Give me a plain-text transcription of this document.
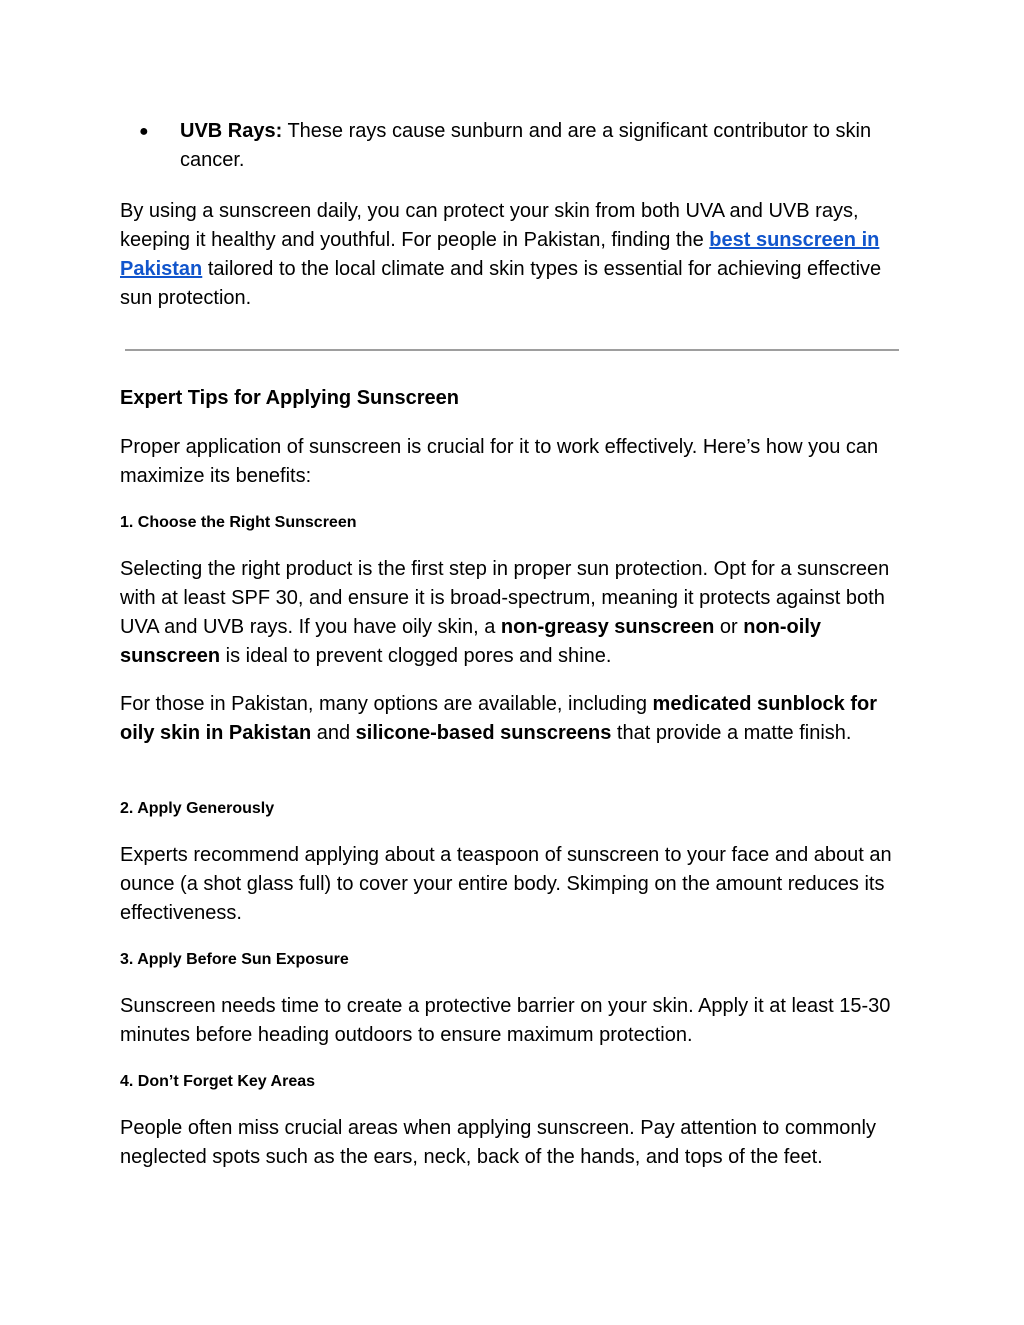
● UVB Rays: These rays cause sunburn and are a significant contributor to skin cancer.

By using a sunscreen daily, you can protect your skin from both UVA and UVB rays, keeping it healthy and youthful. For people in Pakistan, finding the best sunscreen in Pakistan tailored to the local climate and skin types is essential for achieving effective sun protection.

Expert Tips for Applying Sunscreen

Proper application of sunscreen is crucial for it to work effectively. Here’s how you can maximize its benefits:

1. Choose the Right Sunscreen

Selecting the right product is the first step in proper sun protection. Opt for a sunscreen with at least SPF 30, and ensure it is broad-spectrum, meaning it protects against both UVA and UVB rays. If you have oily skin, a non-greasy sunscreen or non-oily sunscreen is ideal to prevent clogged pores and shine.

For those in Pakistan, many options are available, including medicated sunblock for oily skin in Pakistan and silicone-based sunscreens that provide a matte finish.

2. Apply Generously

Experts recommend applying about a teaspoon of sunscreen to your face and about an ounce (a shot glass full) to cover your entire body. Skimping on the amount reduces its effectiveness.

3. Apply Before Sun Exposure

Sunscreen needs time to create a protective barrier on your skin. Apply it at least 15-30 minutes before heading outdoors to ensure maximum protection.

4. Don’t Forget Key Areas

People often miss crucial areas when applying sunscreen. Pay attention to commonly neglected spots such as the ears, neck, back of the hands, and tops of the feet.
